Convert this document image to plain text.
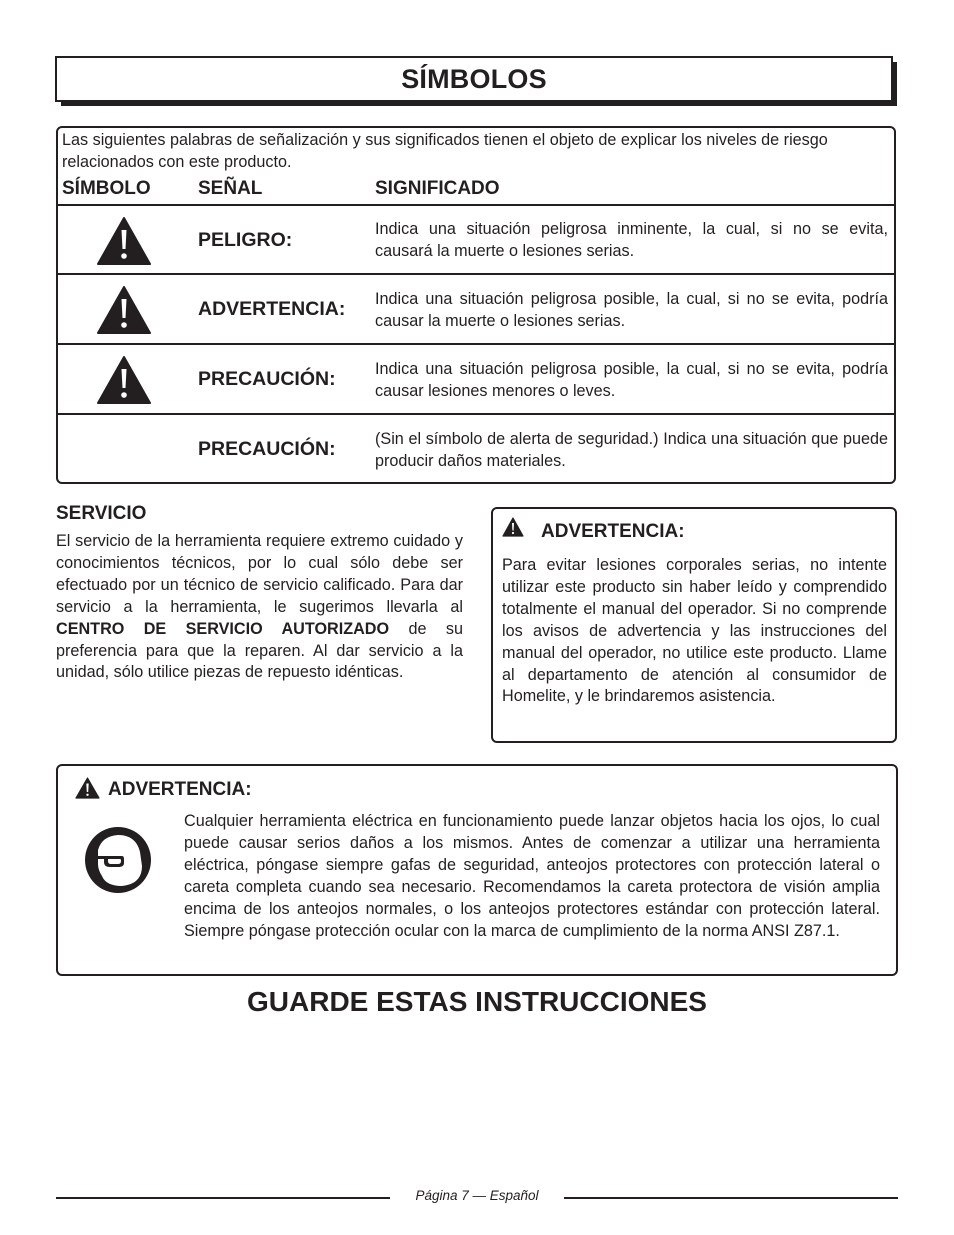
SÍMBOLOS
Las siguientes palabras de señalización y sus significados tienen el objeto de explicar los niveles de riesgo relacionados con este producto.
SÍMBOLO SEÑAL	SIGNIFICADO
PELIGRO:	Indica una situación peligrosa inminente, la cual, si no se evita, causará la muerte o lesiones serias.
ADVERTENCIA: Indica una situación peligrosa posible, la cual, si no se evita, podría causar la muerte o lesiones serias.
PRECAUCIÓN: Indica una situación peligrosa posible, la cual, si no se evita, podría causar lesiones menores o leves.
PRECAUCIÓN: (Sin el símbolo de alerta de seguridad.) Indica una situación que puede producir daños materiales.
SERVICIO
El servicio de la herramienta requiere extremo cuidado y conocimientos técnicos, por lo cual sólo debe ser efectuado por un técnico de servicio calificado. Para dar servicio a la herramienta, le sugerimos llevarla al CENTRO DE SERVICIO AUTORIZADO de su preferencia para que la reparen. Al dar servicio a la unidad, sólo utilice piezas de repuesto idénticas.
ADVERTENCIA:
Para evitar lesiones corporales serias, no intente utilizar este producto sin haber leído y comprendido totalmente el manual del operador. Si no comprende los avisos de advertencia y las instrucciones del manual del operador, no utilice este producto. Llame al departamento de atención al consumidor de Homelite, y le brindaremos asistencia.
ADVERTENCIA:
Cualquier herramienta eléctrica en funcionamiento puede lanzar objetos hacia los ojos, lo cual puede causar serios daños a los mismos. Antes de comenzar a utilizar una herramienta eléctrica, póngase siempre gafas de seguridad, anteojos protectores con protección lateral o careta completa cuando sea necesario. Recomendamos la careta protectora de visión amplia encima de los anteojos normales, o los anteojos protectores estándar con protección lateral. Siempre póngase protección ocular con la marca de cumplimiento de la norma ANSI Z87.1.
GUARDE ESTAS INSTRUCCIONES
Página 7 — Español
